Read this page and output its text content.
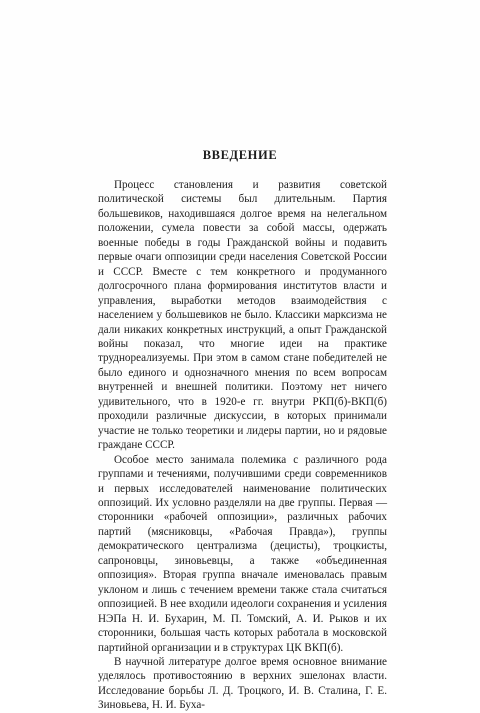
ВВЕДЕНИЕ

Процесс становления и развития советской политической системы был длительным. Партия большевиков, находившаяся долгое время на нелегальном положении, сумела повести за собой массы, одержать военные победы в годы Гражданской войны и подавить первые очаги оппозиции среди населения Советской России и СССР. Вместе с тем конкретного и продуманного долгосрочного плана формирования институтов власти и управления, выработки методов взаимодействия с населением у большевиков не было. Классики марксизма не дали никаких конкретных инструкций, а опыт Гражданской войны показал, что многие идеи на практике труднореализуемы. При этом в самом стане победителей не было единого и однозначного мнения по всем вопросам внутренней и внешней политики. Поэтому нет ничего удивительного, что в 1920-е гг. внутри РКП(б)-ВКП(б) проходили различные дискуссии, в которых принимали участие не только теоретики и лидеры партии, но и рядовые граждане СССР.

Особое место занимала полемика с различного рода группами и течениями, получившими среди современников и первых исследователей наименование политических оппозиций. Их условно разделяли на две группы. Первая — сторонники «рабочей оппозиции», различных рабочих партий (мясниковцы, «Рабочая Правда»), группы демократического централизма (децисты), троцкисты, сапроновцы, зиновьевцы, а также «объединенная оппозиция». Вторая группа вначале именовалась правым уклоном и лишь с течением времени также стала считаться оппозицией. В нее входили идеологи сохранения и усиления НЭПа Н. И. Бухарин, М. П. Томский, А. И. Рыков и их сторонники, большая часть которых работала в московской партийной организации и в структурах ЦК ВКП(б).

В научной литературе долгое время основное внимание уделялось противостоянию в верхних эшелонах власти. Исследование борьбы Л. Д. Троцкого, И. В. Сталина, Г. Е. Зиновьева, Н. И. Буха-
